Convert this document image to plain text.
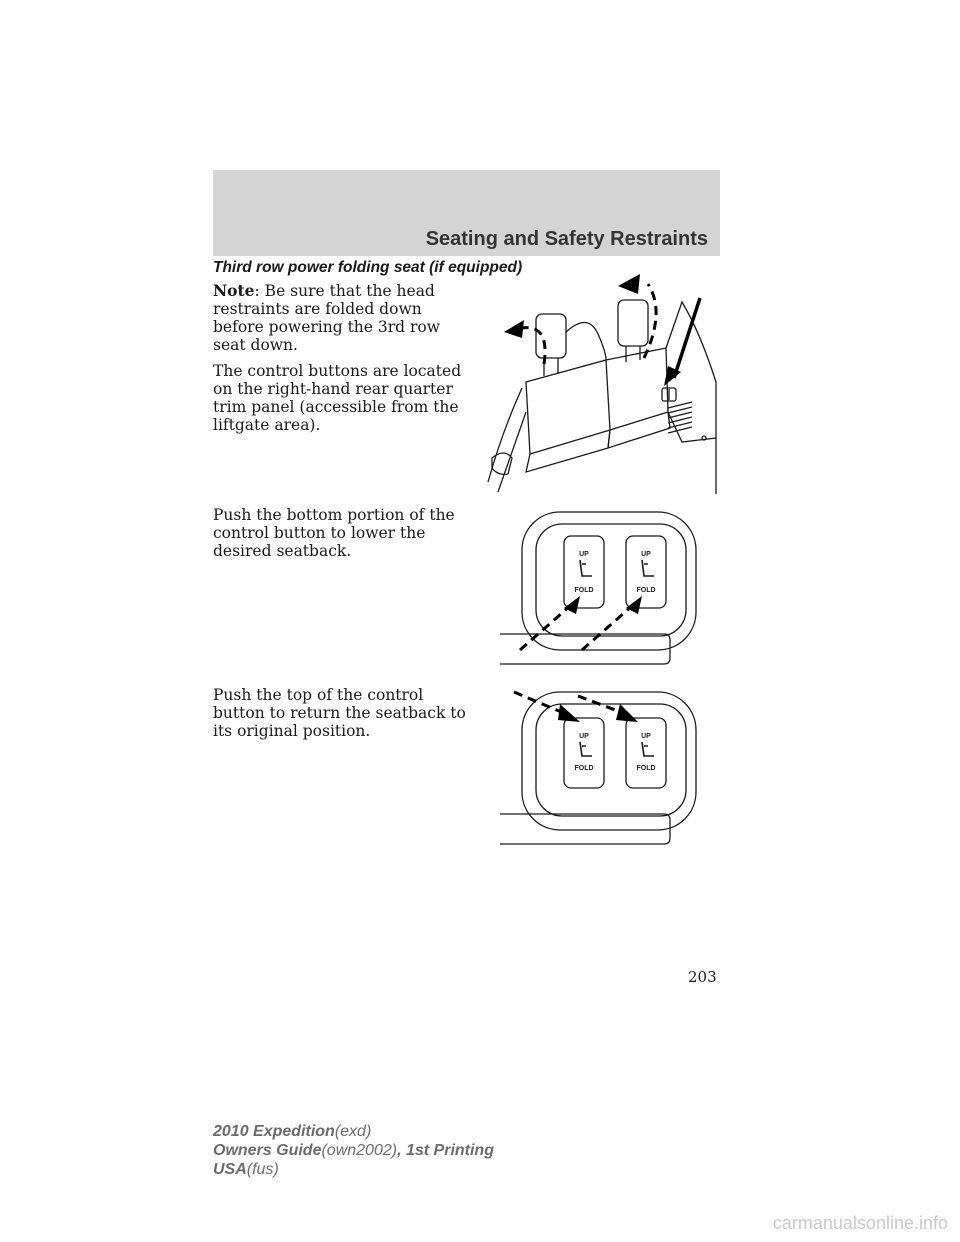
Seating and Safety Restraints
Third row power folding seat (if equipped)

Note: Be sure that the head restraints are folded down before powering the 3rd row seat down.

The control buttons are located on the right-hand rear quarter trim panel (accessible from the liftgate area).

Push the bottom portion of the control button to lower the desired seatback.

Push the top of the control button to return the seatback to its original position.

UP
FOLD
UP
FOLD
UP
FOLD
UP
FOLD
203
2010 Expedition(exd)
Owners Guide(own2002), 1st Printing
USA(fus)
carmanualsonline.info
